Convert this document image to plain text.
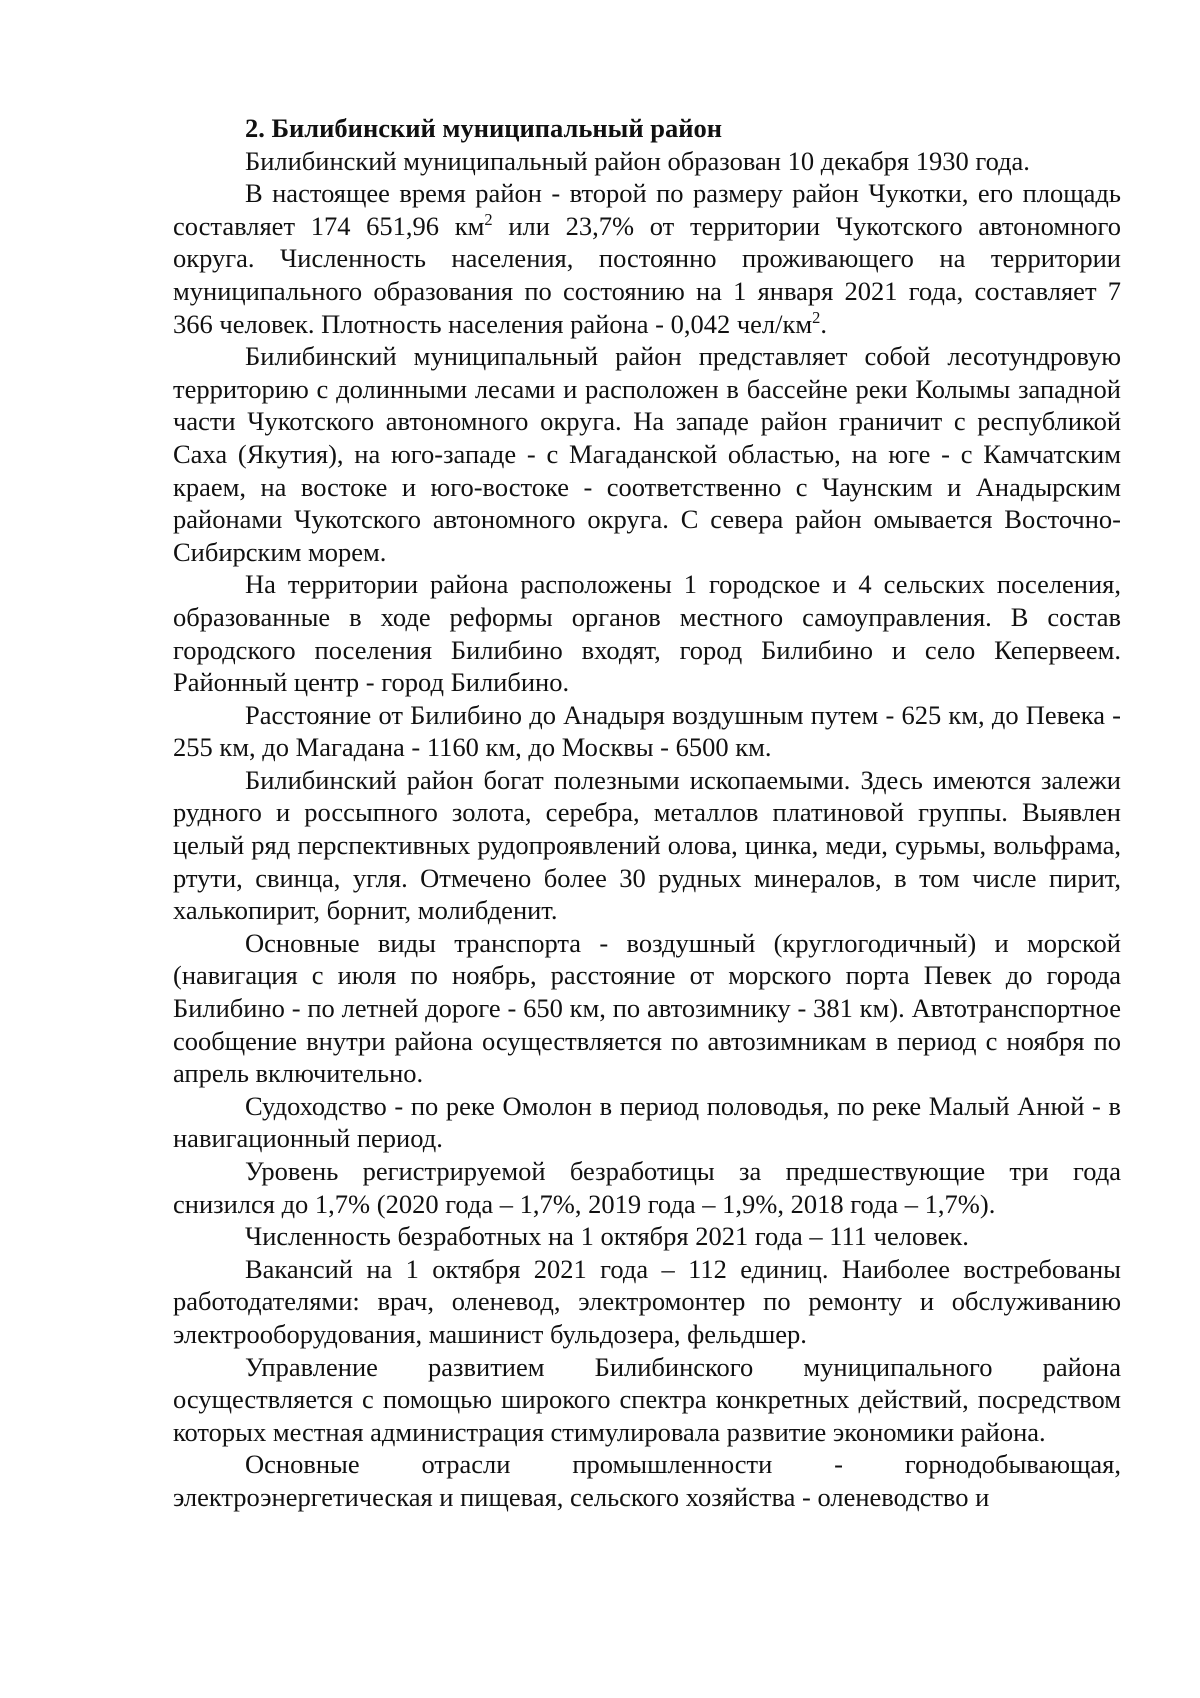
2. Билибинский муниципальный район

Билибинский муниципальный район образован 10 декабря 1930 года.

В настоящее время район - второй по размеру район Чукотки, его площадь составляет 174 651,96 $км^2$ или 23,7% от территории Чукотского автономного округа. Численность населения, постоянно проживающего на территории муниципального образования по состоянию на 1 января 2021 года, составляет 7 366 человек. Плотность населения района - 0,042 чел/$км^2$.

Билибинский муниципальный район представляет собой лесотундровую территорию с долинными лесами и расположен в бассейне реки Колымы западной части Чукотского автономного округа. На западе район граничит с республикой Саха (Якутия), на юго-западе - с Магаданской областью, на юге - с Камчатским краем, на востоке и юго-востоке - соответственно с Чаунским и Анадырским районами Чукотского автономного округа. С севера район омывается Восточно-Сибирским морем.

На территории района расположены 1 городское и 4 сельских поселения, образованные в ходе реформы органов местного самоуправления. В состав городского поселения Билибино входят, город Билибино и село Кепервеем. Районный центр - город Билибино.

Расстояние от Билибино до Анадыря воздушным путем - 625 км, до Певека - 255 км, до Магадана - 1160 км, до Москвы - 6500 км.

Билибинский район богат полезными ископаемыми. Здесь имеются залежи рудного и россыпного золота, серебра, металлов платиновой группы. Выявлен целый ряд перспективных рудопроявлений олова, цинка, меди, сурьмы, вольфрама, ртути, свинца, угля. Отмечено более 30 рудных минералов, в том числе пирит, халькопирит, борнит, молибденит.

Основные виды транспорта - воздушный (круглогодичный) и морской (навигация с июля по ноябрь, расстояние от морского порта Певек до города Билибино - по летней дороге - 650 км, по автозимнику - 381 км). Автотранспортное сообщение внутри района осуществляется по автозимникам в период с ноября по апрель включительно.

Судоходство - по реке Омолон в период половодья, по реке Малый Анюй - в навигационный период.

Уровень регистрируемой безработицы за предшествующие три года снизился до 1,7% (2020 года – 1,7%, 2019 года – 1,9%, 2018 года – 1,7%).

Численность безработных на 1 октября 2021 года – 111 человек.

Вакансий на 1 октября 2021 года – 112 единиц. Наиболее востребованы работодателями: врач, оленевод, электромонтер по ремонту и обслуживанию электрооборудования, машинист бульдозера, фельдшер.

Управление развитием Билибинского муниципального района осуществляется с помощью широкого спектра конкретных действий, посредством которых местная администрация стимулировала развитие экономики района.

Основные отрасли промышленности - горнодобывающая, электроэнергетическая и пищевая, сельского хозяйства - оленеводство и
